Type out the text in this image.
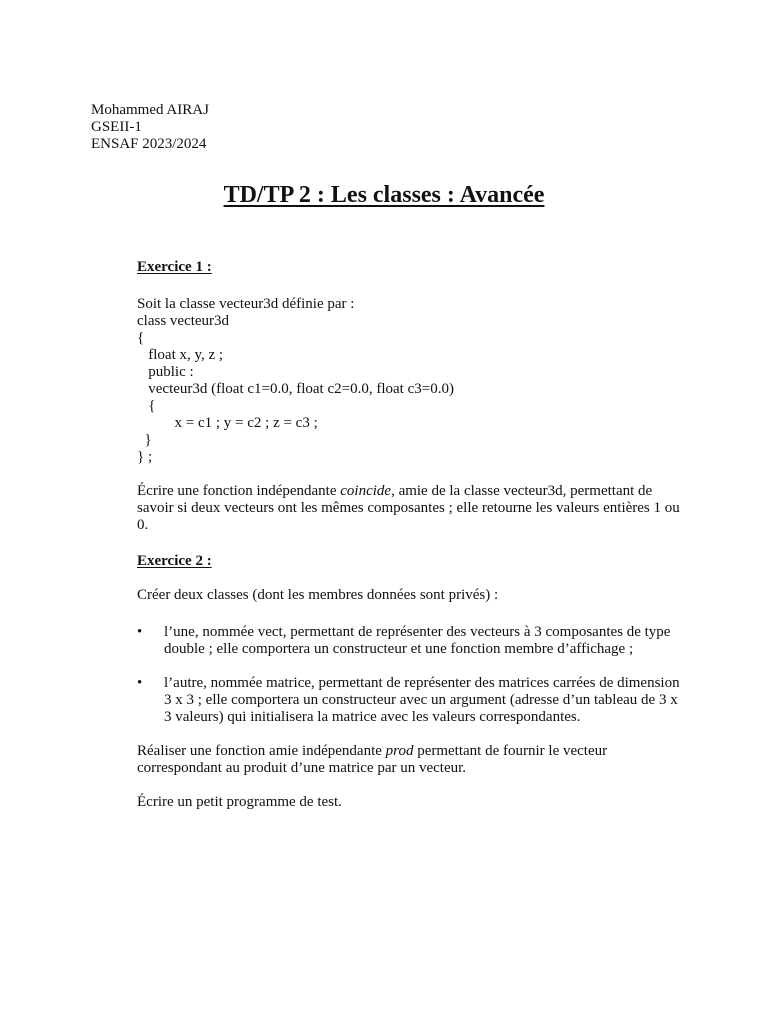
Mohammed AIRAJ
GSEII-1
ENSAF 2023/2024
TD/TP 2 : Les classes : Avancée

Exercice 1 :

Soit la classe vecteur3d définie par :

class vecteur3d

{

float x, y, z ;

public :

vecteur3d (float c1=0.0, float c2=0.0, float c3=0.0)

{

x = c1 ; y = c2 ; z = c3 ;

}

} ;

Écrire une fonction indépendante coincide, amie de la classe vecteur3d, permettant de savoir si deux vecteurs ont les mêmes composantes ; elle retourne les valeurs entières 1 ou 0.

Exercice 2 :

Créer deux classes (dont les membres données sont privés) :

• l’une, nommée vect, permettant de représenter des vecteurs à 3 composantes de type double ; elle comportera un constructeur et une fonction membre d’affichage ;
• l’autre, nommée matrice, permettant de représenter des matrices carrées de dimension 3 x 3 ; elle comportera un constructeur avec un argument (adresse d’un tableau de 3 x 3 valeurs) qui initialisera la matrice avec les valeurs correspondantes.

Réaliser une fonction amie indépendante prod permettant de fournir le vecteur correspondant au produit d’une matrice par un vecteur.

Écrire un petit programme de test.
